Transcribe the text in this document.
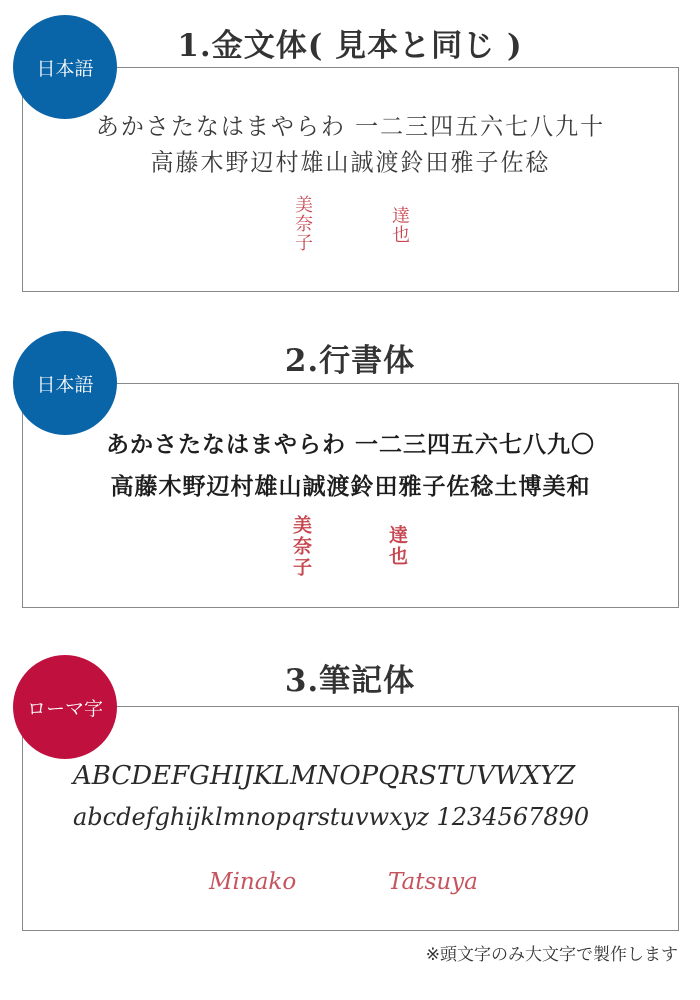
1.金文体( 見本と同じ )
あかさたなはまやらわ 一二三四五六七八九十
高藤木野辺村雄山誠渡鈴田雅子佐稔
美奈子	達也
日本語
2.行書体
あかさたなはまやらわ 一二三四五六七八九〇
高藤木野辺村雄山誠渡鈴田雅子佐稔土博美和
美奈子	達也
日本語
3.筆記体
ABCDEFGHIJKLMNOPQRSTUVWXYZ
abcdefghijklmnopqrstuvwxyz 1234567890
Minako	Tatsuya
ローマ字
※頭文字のみ大文字で製作します
